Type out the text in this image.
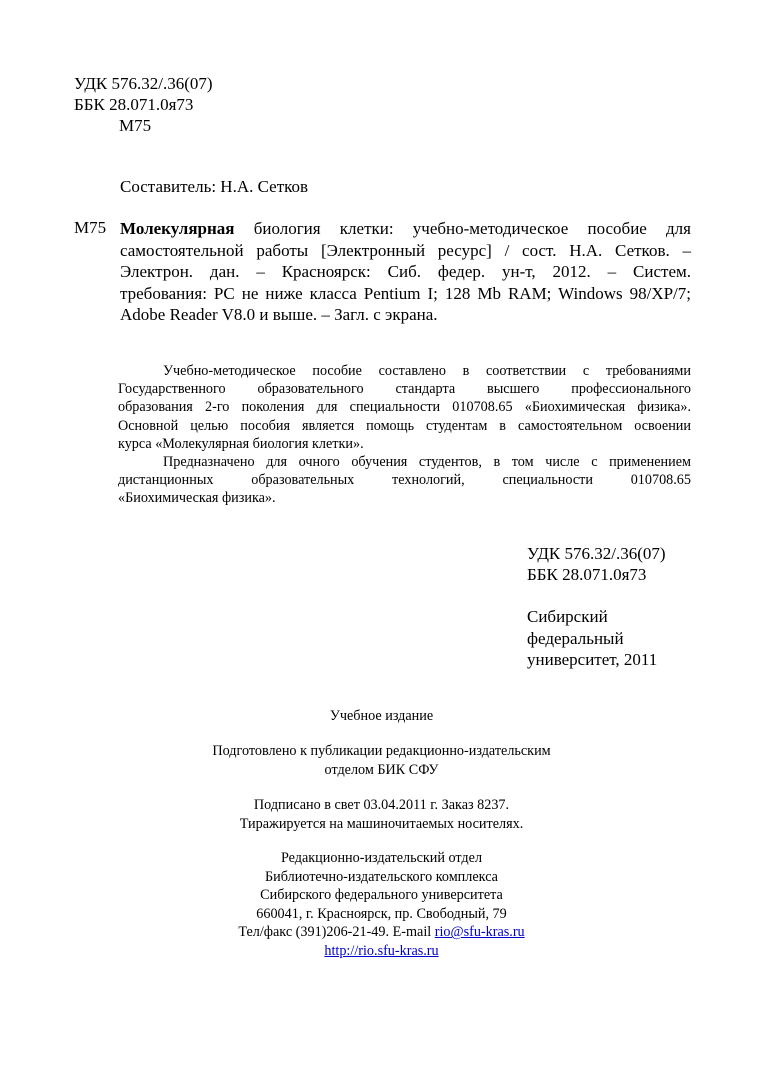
УДК 576.32/.36(07)
ББК 28.071.0я73
М75
Составитель: Н.А. Сетков
М75 Молекулярная биология клетки: учебно-методическое пособие для
самостоятельной работы [Электронный ресурс] / сост. Н.А. Сетков. –
Электрон. дан. – Красноярск: Сиб. федер. ун-т, 2012. – Систем.
требования: PC не ниже класса Pentium I; 128 Mb RAM; Windows 98/XP/7;
Adobe Reader V8.0 и выше. – Загл. с экрана.
Учебно-методическое пособие составлено в соответствии с требованиями
Государственного образовательного стандарта высшего профессионального
образования 2-го поколения для специальности 010708.65 «Биохимическая физика».
Основной целью пособия является помощь студентам в самостоятельном освоении
курса «Молекулярная биология клетки».
Предназначено для очного обучения студентов, в том числе с применением
дистанционных образовательных технологий, специальности 010708.65
«Биохимическая физика».
УДК 576.32/.36(07)
ББК 28.071.0я73
Сибирский
федеральный
университет, 2011
Учебное издание
Подготовлено к публикации редакционно-издательским
отделом БИК СФУ
Подписано в свет 03.04.2011 г. Заказ 8237.
Тиражируется на машиночитаемых носителях.
Редакционно-издательский отдел
Библиотечно-издательского комплекса
Сибирского федерального университета
660041, г. Красноярск, пр. Свободный, 79
Тел/факс (391)206-21-49. E-mail rio@sfu-kras.ru
http://rio.sfu-kras.ru
